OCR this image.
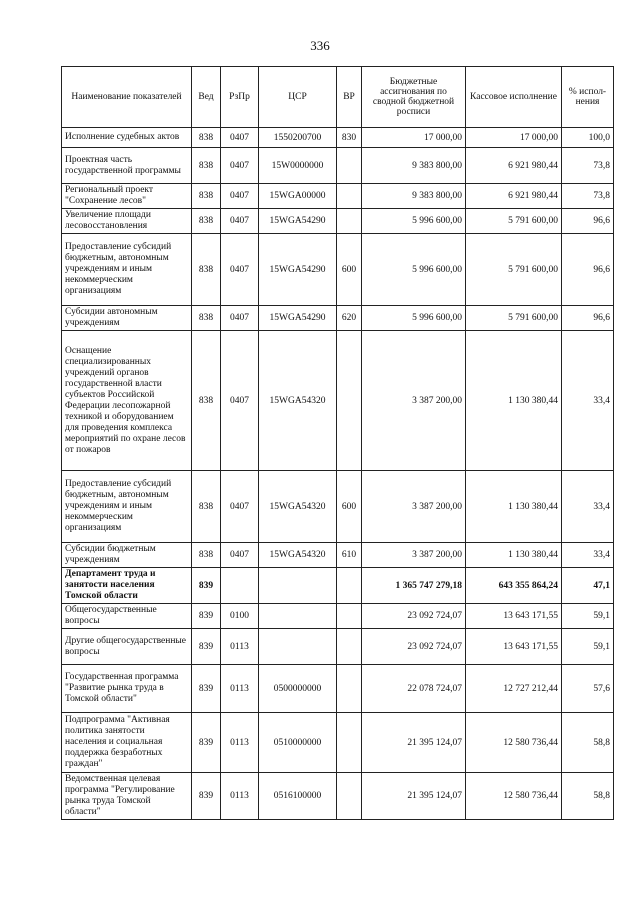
336
Наименование показателей	Вед	РзПр	ЦСР	ВР	Бюджетные ассигнования по сводной бюджетной росписи	Кассовое исполнение	% испол-нения
Исполнение судебных актов	838	0407	1550200700	830	17 000,00	17 000,00	100,0
Проектная часть государственной программы	838	0407	15W0000000		9 383 800,00	6 921 980,44	73,8
Региональный проект "Сохранение лесов"	838	0407	15WGA00000		9 383 800,00	6 921 980,44	73,8
Увеличение площади лесовосстановления	838	0407	15WGA54290		5 996 600,00	5 791 600,00	96,6
Предоставление субсидий бюджетным, автономным учреждениям и иным некоммерческим организациям	838	0407	15WGA54290	600	5 996 600,00	5 791 600,00	96,6
Субсидии автономным учреждениям	838	0407	15WGA54290	620	5 996 600,00	5 791 600,00	96,6
Оснащение специализированных учреждений органов государственной власти субъектов Российской Федерации лесопожарной техникой и оборудованием для проведения комплекса мероприятий по охране лесов от пожаров	838	0407	15WGA54320		3 387 200,00	1 130 380,44	33,4
Предоставление субсидий бюджетным, автономным учреждениям и иным некоммерческим организациям	838	0407	15WGA54320	600	3 387 200,00	1 130 380,44	33,4
Субсидии бюджетным учреждениям	838	0407	15WGA54320	610	3 387 200,00	1 130 380,44	33,4
Департамент труда и занятости населения Томской области	839				1 365 747 279,18	643 355 864,24	47,1
Общегосударственные вопросы	839	0100			23 092 724,07	13 643 171,55	59,1
Другие общегосударственные вопросы	839	0113			23 092 724,07	13 643 171,55	59,1
Государственная программа "Развитие рынка труда в Томской области"	839	0113	0500000000		22 078 724,07	12 727 212,44	57,6
Подпрограмма "Активная политика занятости населения и социальная поддержка безработных граждан"	839	0113	0510000000		21 395 124,07	12 580 736,44	58,8
Ведомственная целевая программа "Регулирование рынка труда Томской области"	839	0113	0516100000		21 395 124,07	12 580 736,44	58,8
